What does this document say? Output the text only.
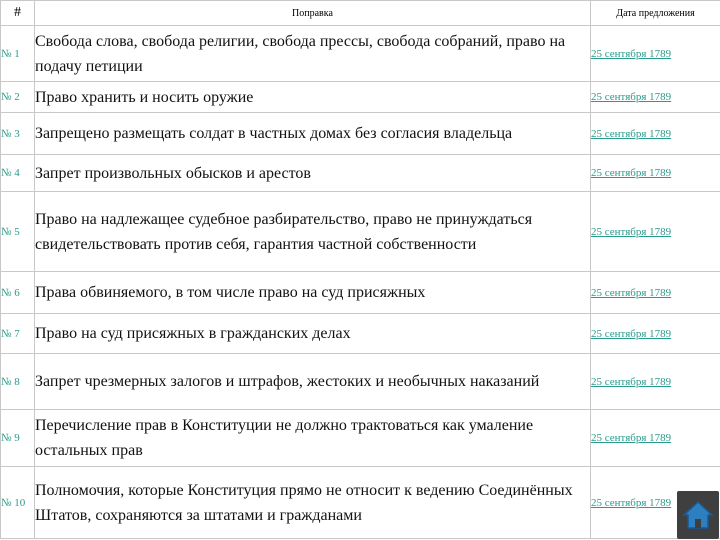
#	Поправка	Дата предложения
№ 1	Свобода слова, свобода религии, свобода прессы, свобода собраний, право на подачу петиции	25 сентября 1789
№ 2	Право хранить и носить оружие	25 сентября 1789
№ 3	Запрещено размещать солдат в частных домах без согласия владельца	25 сентября 1789
№ 4	Запрет произвольных обысков и арестов	25 сентября 1789
№ 5	Право на надлежащее судебное разбирательство, право не принуждаться свидетельствовать против себя, гарантия частной собственности	25 сентября 1789
№ 6	Права обвиняемого, в том числе право на суд присяжных	25 сентября 1789
№ 7	Право на суд присяжных в гражданских делах	25 сентября 1789
№ 8	Запрет чрезмерных залогов и штрафов, жестоких и необычных наказаний	25 сентября 1789
№ 9	Перечисление прав в Конституции не должно трактоваться как умаление остальных прав	25 сентября 1789
№ 10	Полномочия, которые Конституция прямо не относит к ведению Соединённых Штатов, сохраняются за штатами и гражданами	25 сентября 1789
